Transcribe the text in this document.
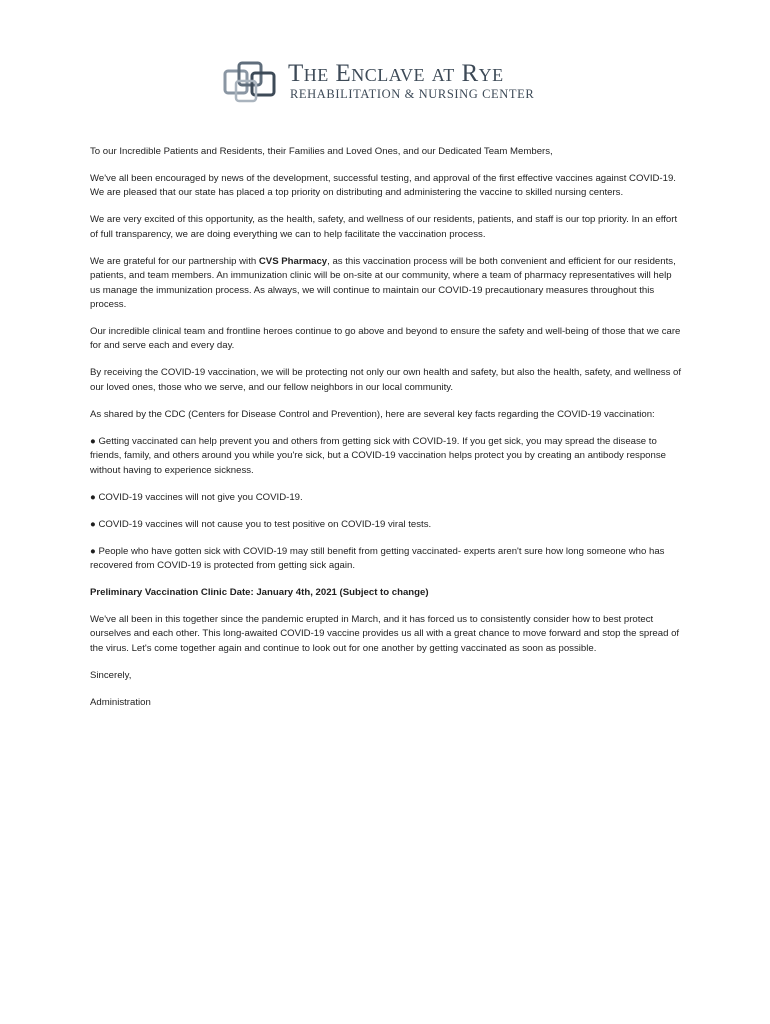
The Enclave at Rye
REHABILITATION & NURSING CENTER

To our Incredible Patients and Residents, their Families and Loved Ones, and our Dedicated Team Members,

We've all been encouraged by news of the development, successful testing, and approval of the first effective vaccines against COVID-19. We are pleased that our state has placed a top priority on distributing and administering the vaccine to skilled nursing centers.

We are very excited of this opportunity, as the health, safety, and wellness of our residents, patients, and staff is our top priority. In an effort of full transparency, we are doing everything we can to help facilitate the vaccination process.

We are grateful for our partnership with CVS Pharmacy, as this vaccination process will be both convenient and efficient for our residents, patients, and team members. An immunization clinic will be on-site at our community, where a team of pharmacy representatives will help us manage the immunization process. As always, we will continue to maintain our COVID-19 precautionary measures throughout this process.

Our incredible clinical team and frontline heroes continue to go above and beyond to ensure the safety and well-being of those that we care for and serve each and every day.

By receiving the COVID-19 vaccination, we will be protecting not only our own health and safety, but also the health, safety, and wellness of our loved ones, those who we serve, and our fellow neighbors in our local community.

As shared by the CDC (Centers for Disease Control and Prevention), here are several key facts regarding the COVID-19 vaccination:

● Getting vaccinated can help prevent you and others from getting sick with COVID-19. If you get sick, you may spread the disease to friends, family, and others around you while you're sick, but a COVID-19 vaccination helps protect you by creating an antibody response without having to experience sickness.

● COVID-19 vaccines will not give you COVID-19.

● COVID-19 vaccines will not cause you to test positive on COVID-19 viral tests.

● People who have gotten sick with COVID-19 may still benefit from getting vaccinated- experts aren't sure how long someone who has recovered from COVID-19 is protected from getting sick again.

Preliminary Vaccination Clinic Date: January 4th, 2021 (Subject to change)

We've all been in this together since the pandemic erupted in March, and it has forced us to consistently consider how to best protect ourselves and each other. This long-awaited COVID-19 vaccine provides us all with a great chance to move forward and stop the spread of the virus. Let's come together again and continue to look out for one another by getting vaccinated as soon as possible.

Sincerely,

Administration
